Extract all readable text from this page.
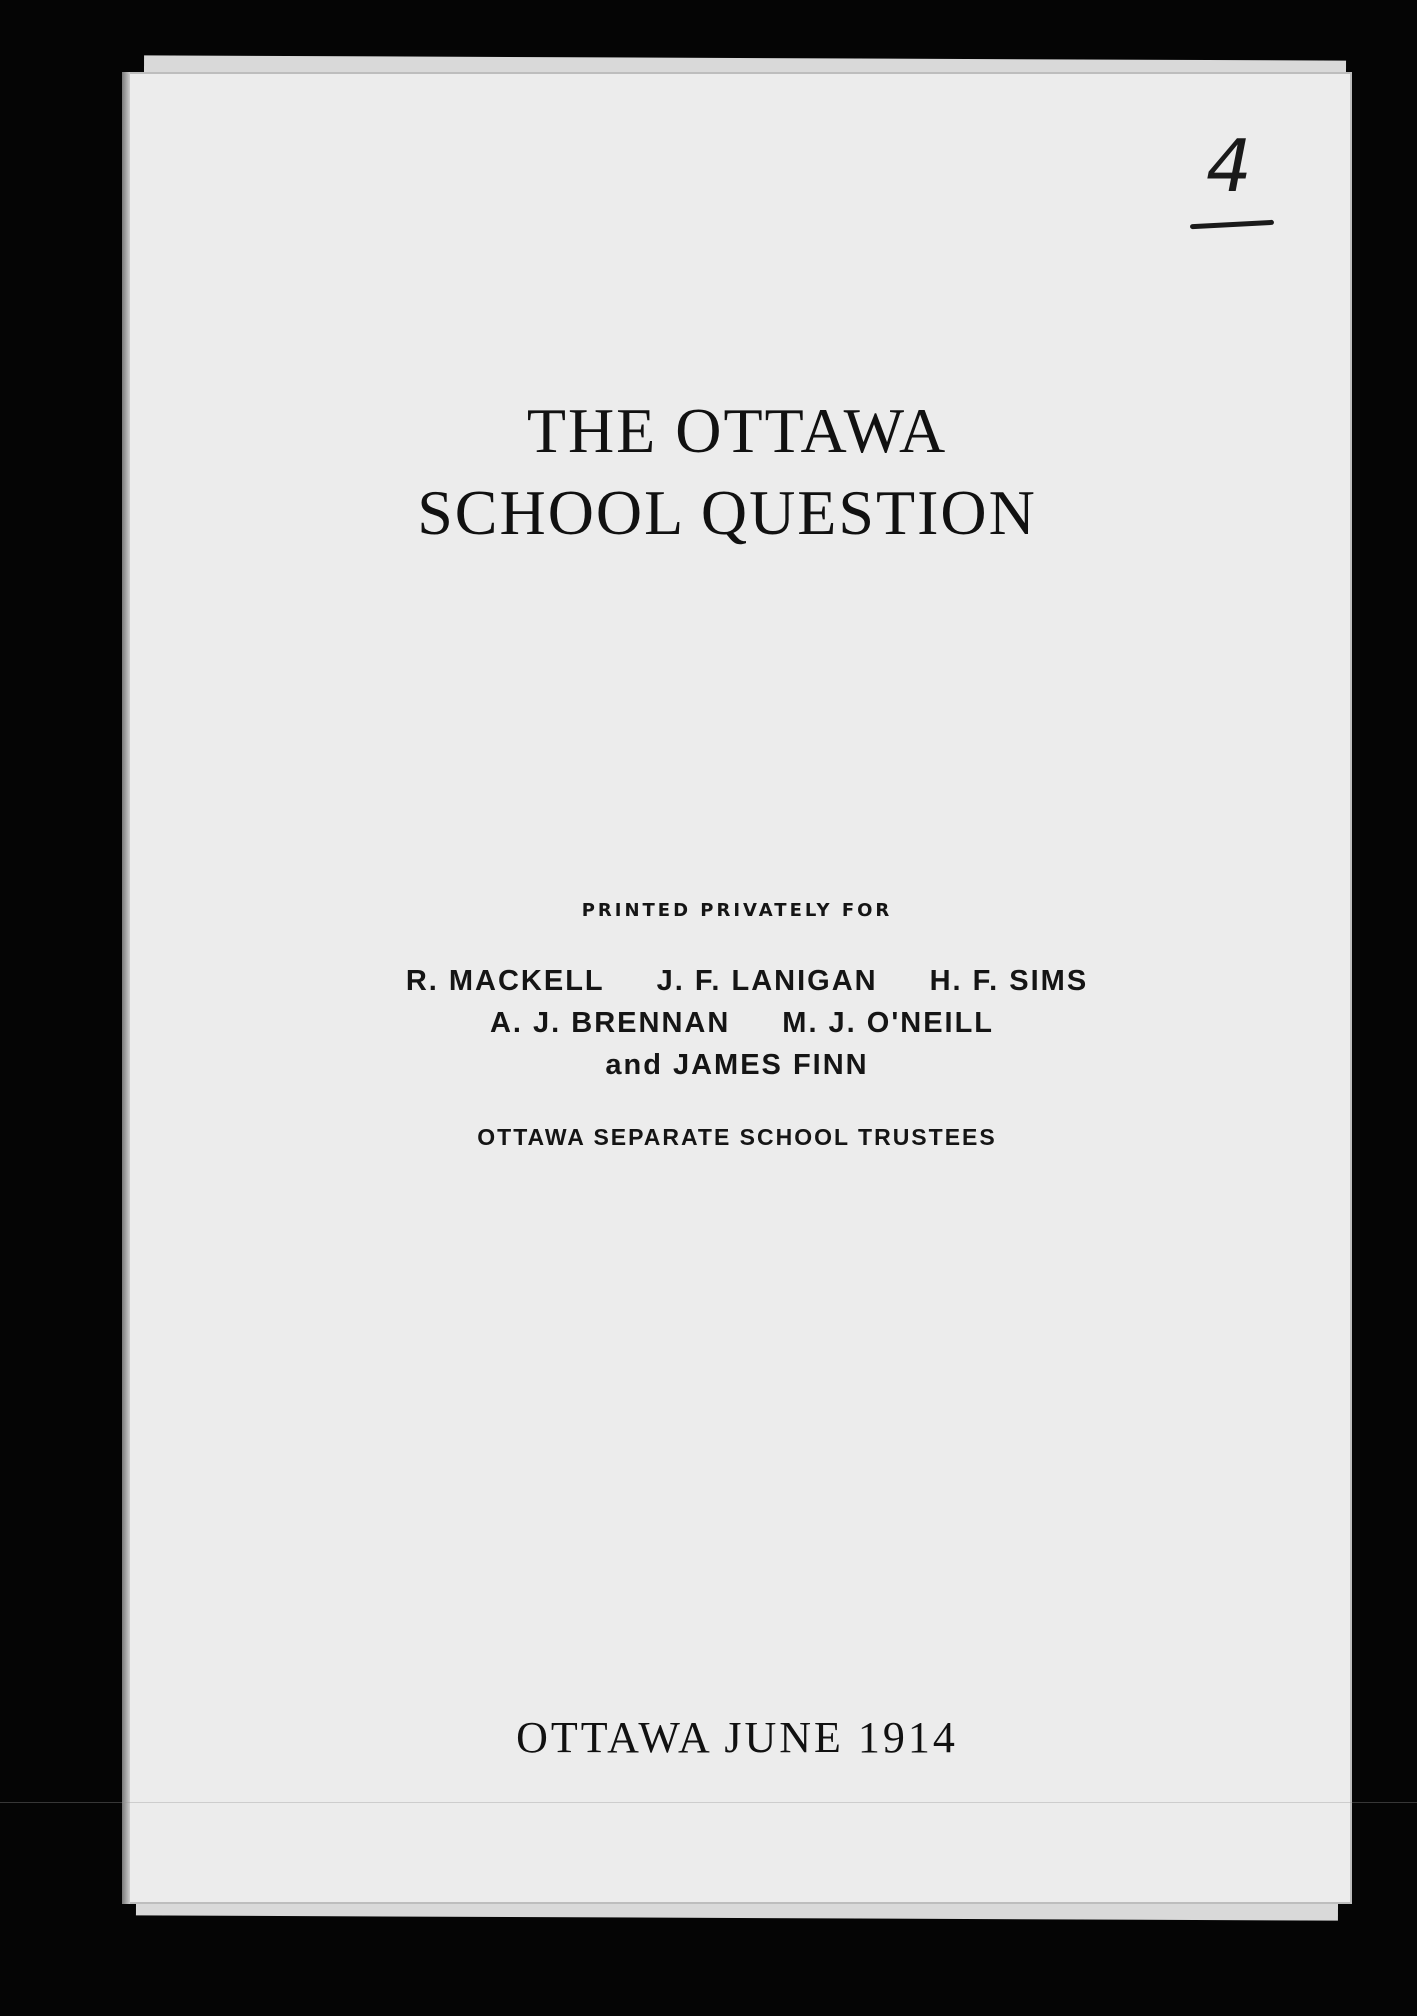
4
THE OTTAWA
SCHOOL QUESTION
PRINTED PRIVATELY FOR
R. MACKELL J. F. LANIGAN H. F. SIMS
A. J. BRENNAN M. J. O'NEILL
and JAMES FINN
OTTAWA SEPARATE SCHOOL TRUSTEES
OTTAWA JUNE 1914
